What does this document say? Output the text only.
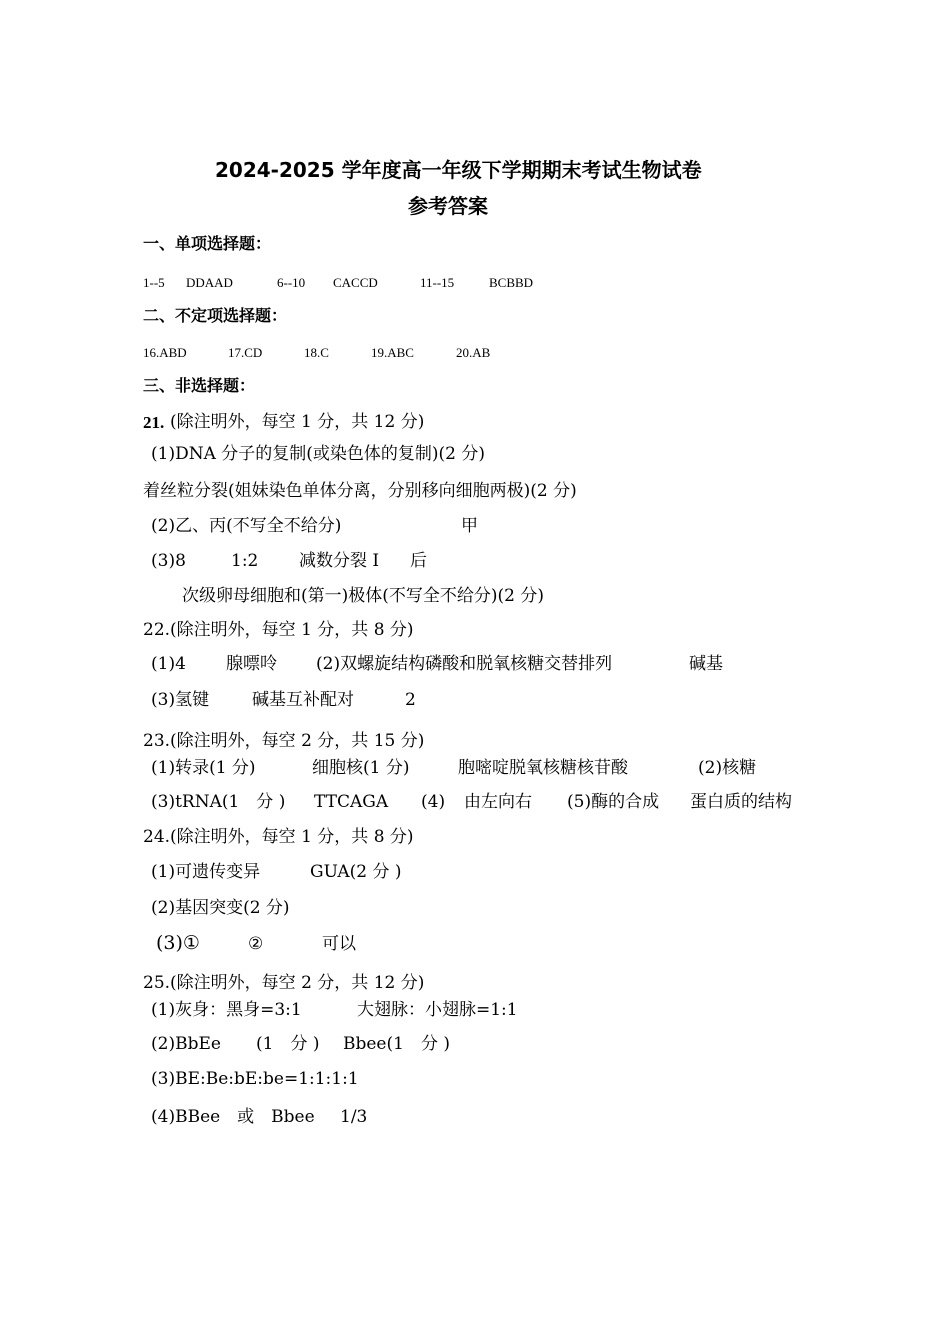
2024-2025 学年度高一年级下学期期末考试生物试卷
参考答案
一、单项选择题：
1--5 DDAAD	6--10 CACCD	11--15	BCBBD
二、不定项选择题：
16.ABD	17.CD	18.C	19.ABC	20.AB
三、非选择题：
21. (除注明外，每空 1 分，共 12 分)
(1)DNA 分子的复制(或染色体的复制)(2 分)
着丝粒分裂(姐妹染色单体分离，分别移向细胞两极)(2 分)
(2)乙、丙(不写全不给分)	甲
(3)8	1:2 减数分裂 I 后
次级卵母细胞和(第一)极体(不写全不给分)(2 分)
22.(除注明外，每空 1 分，共 8 分)
(1)4 腺嘌呤 (2)双螺旋结构磷酸和脱氧核糖交替排列	碱基
(3)氢键	碱基互补配对	2
23.(除注明外，每空 2 分，共 15 分)
(1)转录(1 分)	细胞核(1 分)	胞嘧啶脱氧核糖核苷酸	(2)核糖
(3)tRNA(1　分 ) TTCAGA (4) 由左向右 (5)酶的合成 蛋白质的结构
24.(除注明外，每空 1 分，共 8 分)
(1)可遗传变异	GUA(2 分 )
(2)基因突变(2 分)
(3)①	②	可以
25.(除注明外，每空 2 分，共 12 分)
(1)灰身：黑身=3:1	大翅脉：小翅脉=1:1
(2)BbEe (1　分 ) Bbee(1　分 )
(3)BE:Be:bE:be=1:1:1:1
(4)BBee　或　Bbee 1/3
